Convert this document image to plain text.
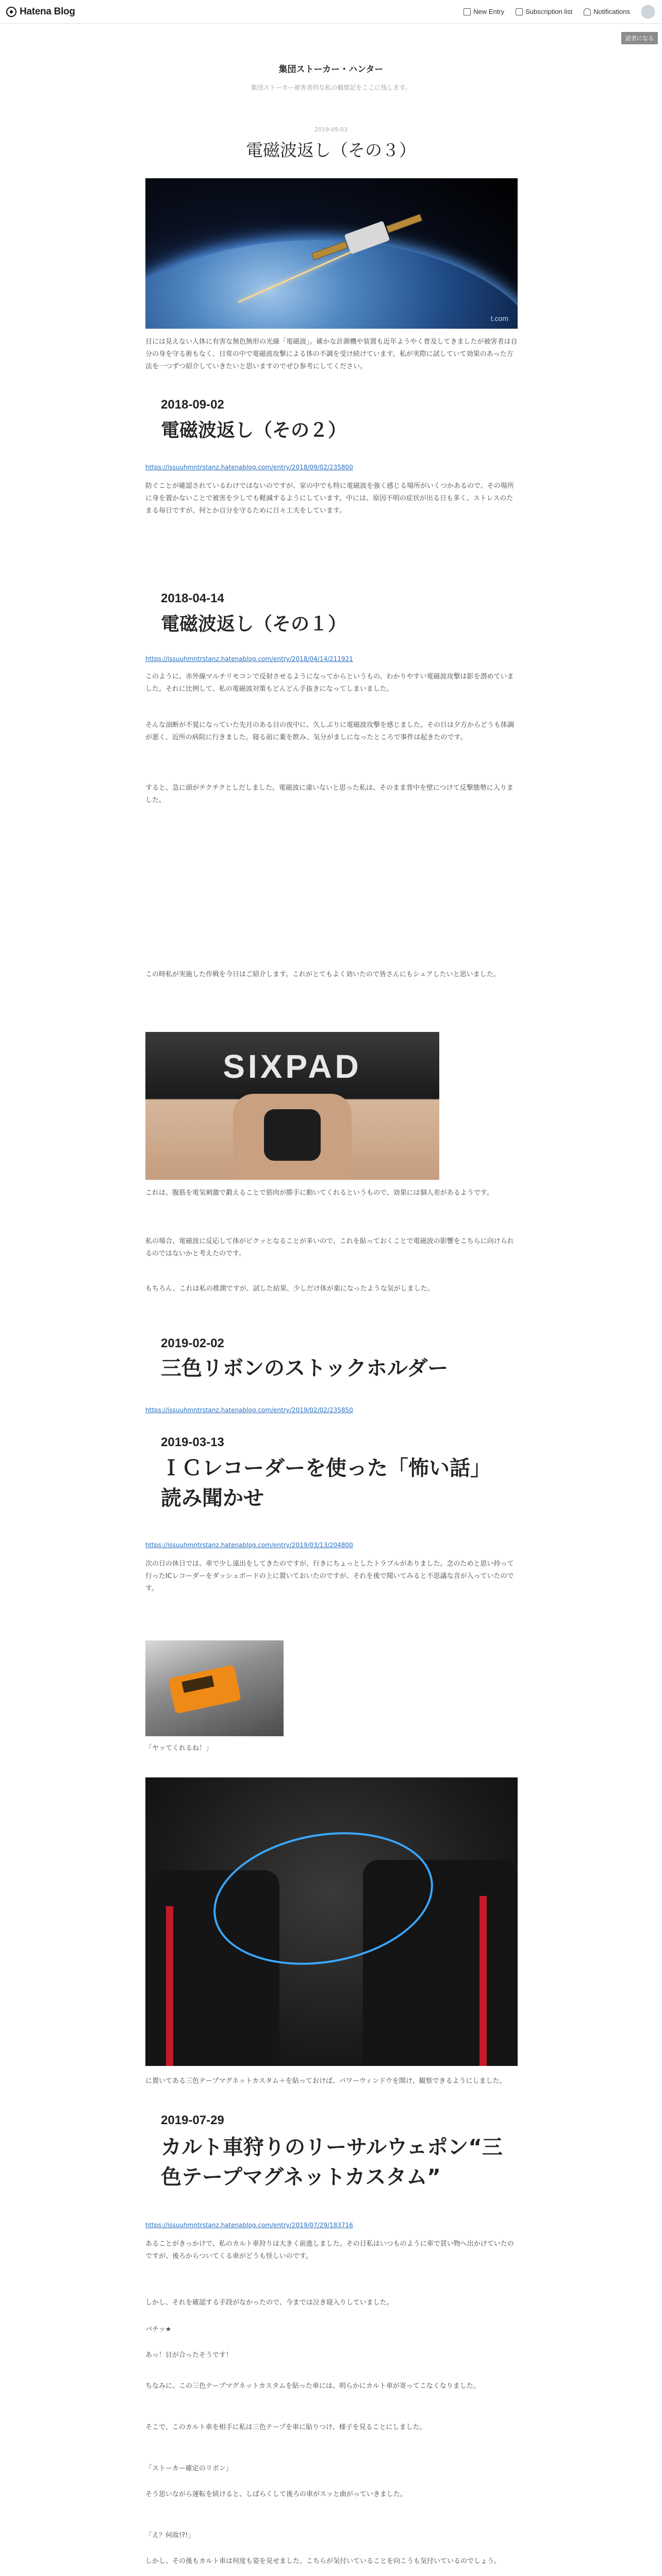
Hatena Blog	New Entry	Subscription list	Notifications
読者になる
集団ストーカー・ハンター
集団ストーカー被害者的な私の観察記をここに残します。
2019-09-03
電磁波返し（その３）
t.com
目には見えない人体に有害な無色無形の光線「電磁波」。確かな計測機や装置も近年ようやく普及してきましたが被害者は自分の身を守る術もなく、日常の中で電磁波攻撃による体の不調を受け続けています。私が実際に試していて効果のあった方法を一つずつ紹介していきたいと思いますのでぜひ参考にしてください。
2018-09-02
電磁波返し（その２）
https://issuuhmntrstanz.hatenablog.com/entry/2018/09/02/235800
防ぐことが確認されているわけではないのですが、家の中でも特に電磁波を強く感じる場所がいくつかあるので、その場所に身を置かないことで被害を少しでも軽減するようにしています。中には、原因不明の症状が出る日も多く、ストレスのたまる毎日ですが、何とか自分を守るために日々工夫をしています。
2018-04-14
電磁波返し（その１）
https://issuuhmntrstanz.hatenablog.com/entry/2018/04/14/211921
このように、赤外線マルチリモコンで反射させるようになってからというもの、わかりやすい電磁波攻撃は影を潜めていました。それに比例して、私の電磁波対策もどんどん手抜きになってしまいました。
そんな油断が不覚になっていた先月のある日の夜中に、久しぶりに電磁波攻撃を感じました。その日は夕方からどうも体調が悪く、近所の病院に行きました。寝る前に薬を飲み、気分がましになったところで事件は起きたのです。
すると、急に頭がチクチクとしだしました。電磁波に違いないと思った私は、そのまま背中を壁につけて反撃態勢に入りました。
この時私が実施した作戦を今日はご紹介します。これがとてもよく効いたので皆さんにもシェアしたいと思いました。
SIXPAD
これは、腹筋を電気刺激で鍛えることで筋肉が勝手に動いてくれるというもので、効果には個人差があるようです。
私の場合、電磁波に反応して体がビクッとなることが多いので、これを貼っておくことで電磁波の影響をこちらに向けられるのではないかと考えたのです。
もちろん、これは私の推測ですが、試した結果、少しだけ体が楽になったような気がしました。
2019-02-02
三色リボンのストックホルダー
https://issuuhmntrstanz.hatenablog.com/entry/2019/02/02/235850
2019-03-13
ＩＣレコーダーを使った「怖い話」
読み聞かせ
https://issuuhmntrstanz.hatenablog.com/entry/2019/03/13/204800
次の日の休日では、車で少し遠出をしてきたのですが、行きにちょっとしたトラブルがありました。念のためと思い持って行ったICレコーダーをダッシュボードの上に置いておいたのですが、それを後で聞いてみると不思議な音が入っていたのです。
「ヤッてくれるね！」
に置いてある三色テープマグネットカスタム＋を貼っておけば、パワーウィンドウを開け、観察できるようにしました。
2019-07-29
カルト車狩りのリーサルウェポン“三
色テープマグネットカスタム”
https://issuuhmntrstanz.hatenablog.com/entry/2019/07/29/183716
あることがきっかけで、私のカルト車狩りは大きく前進しました。その日私はいつものように車で買い物へ出かけていたのですが、後ろからついてくる車がどうも怪しいのです。
しかし、それを確認する手段がなかったので、今までは泣き寝入りしていました。
バチッ★
あっ！目が合ったそうです！
ちなみに、この三色テープマグネットカスタムを貼った車には、明らかにカルト車が寄ってこなくなりました。
そこで、このカルト車を相手に私は三色テープを車に貼りつけ、様子を見ることにしました。
「ストーカー確定のリボン」
そう思いながら運転を続けると、しばらくして後ろの車がスッと曲がっていきました。
「え？何故!?!」
しかし、その後もカルト車は何度も姿を見せました。こちらが気付いていることを向こうも気付いているのでしょう。
